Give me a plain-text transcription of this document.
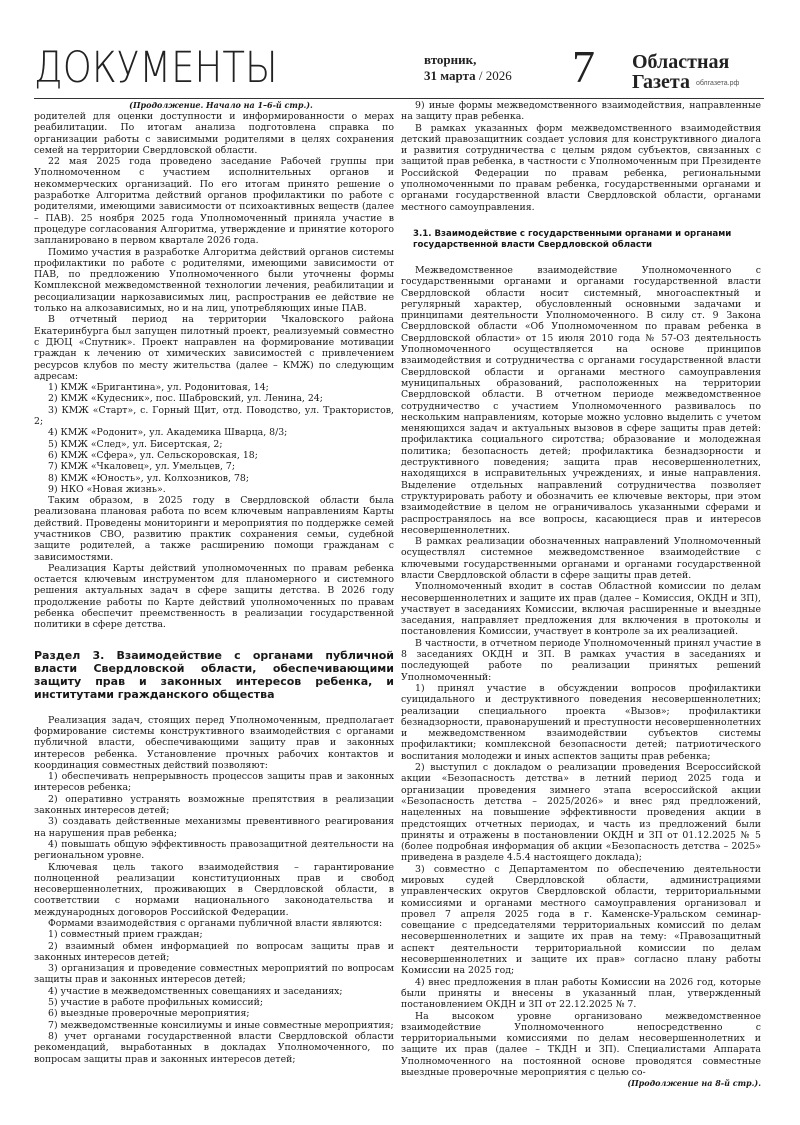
ДОКУМЕНТЫ	вторник,
31 марта / 2026 7 Областная
Газета облгазета.рф

(Продолжение. Начало на 1–6-й стр.).

родителей для оценки доступности и информированности о мерах реабилитации. По итогам анализа подготовлена справка по организации работы с зависимыми родителями в целях сохранения семей на территории Свердловской области.

22 мая 2025 года проведено заседание Рабочей группы при Уполномоченном с участием исполнительных органов и некоммерческих организаций. По его итогам принято решение о разработке Алгоритма действий органов профилактики по работе с родителями, имеющими зависимости от психоактивных веществ (далее – ПАВ). 25 ноября 2025 года Уполномоченный приняла участие в процедуре согласования Алгоритма, утверждение и принятие которого запланировано в первом квартале 2026 года.

Помимо участия в разработке Алгоритма действий органов системы профилактики по работе с родителями, имеющими зависимости от ПАВ, по предложению Уполномоченного были уточнены формы Комплексной межведомственной технологии лечения, реабилитации и ресоциализации наркозависимых лиц, распространив ее действие не только на алкозависимых, но и на лиц, употребляющих иные ПАВ.

В отчетный период на территории Чкаловского района Екатеринбурга был запущен пилотный проект, реализуемый совместно с ДЮЦ «Спутник». Проект направлен на формирование мотивации граждан к лечению от химических зависимостей с привлечением ресурсов клубов по месту жительства (далее – КМЖ) по следующим адресам:

1) КМЖ «Бригантина», ул. Родонитовая, 14;

2) КМЖ «Кудесник», пос. Шабровский, ул. Ленина, 24;

3) КМЖ «Старт», с. Горный Щит, отд. Поводство, ул. Трактористов, 2;

4) КМЖ «Родонит», ул. Академика Шварца, 8/3;

5) КМЖ «След», ул. Бисертская, 2;

6) КМЖ «Сфера», ул. Сельскоровская, 18;

7) КМЖ «Чкаловец», ул. Умельцев, 7;

8) КМЖ «Юность», ул. Колхозников, 78;

9) НКО «Новая жизнь».

Таким образом, в 2025 году в Свердловской области была реализована плановая работа по всем ключевым направлениям Карты действий. Проведены мониторинги и мероприятия по поддержке семей участников СВО, развитию практик сохранения семьи, судебной защите родителей, а также расширению помощи гражданам с зависимостями.

Реализация Карты действий уполномоченных по правам ребенка остается ключевым инструментом для планомерного и системного решения актуальных задач в сфере защиты детства. В 2026 году продолжение работы по Карте действий уполномоченных по правам ребенка обеспечит преемственность в реализации государственной политики в сфере детства.

Раздел 3. Взаимодействие с органами публичной власти Свердловской области, обеспечивающими защиту прав и законных интересов ребенка, и институтами гражданского общества

Реализация задач, стоящих перед Уполномоченным, предполагает формирование системы конструктивного взаимодействия с органами публичной власти, обеспечивающими защиту прав и законных интересов ребенка. Установление прочных рабочих контактов и координация совместных действий позволяют:

1) обеспечивать непрерывность процессов защиты прав и законных интересов ребенка;

2) оперативно устранять возможные препятствия в реализации законных интересов детей;

3) создавать действенные механизмы превентивного реагирования на нарушения прав ребенка;

4) повышать общую эффективность правозащитной деятельности на региональном уровне.

Ключевая цель такого взаимодействия – гарантирование полноценной реализации конституционных прав и свобод несовершеннолетних, проживающих в Свердловской области, в соответствии с нормами национального законодательства и международных договоров Российской Федерации.

Формами взаимодействия с органами публичной власти являются:

1) совместный прием граждан;

2) взаимный обмен информацией по вопросам защиты прав и законных интересов детей;

3) организация и проведение совместных мероприятий по вопросам защиты прав и законных интересов детей;

4) участие в межведомственных совещаниях и заседаниях;

5) участие в работе профильных комиссий;

6) выездные проверочные мероприятия;

7) межведомственные консилиумы и иные совместные мероприятия;

8) учет органами государственной власти Свердловской области рекомендаций, выработанных в докладах Уполномоченного, по вопросам защиты прав и законных интересов детей;

9) иные формы межведомственного взаимодействия, направленные на защиту прав ребенка.

В рамках указанных форм межведомственного взаимодействия детский правозащитник создает условия для конструктивного диалога и развития сотрудничества с целым рядом субъектов, связанных с защитой прав ребенка, в частности с Уполномоченным при Президенте Российской Федерации по правам ребенка, региональными уполномоченными по правам ребенка, государственными органами и органами государственной власти Свердловской области, органами местного самоуправления.

3.1. Взаимодействие с государственными органами и органами государственной власти Свердловской области

Межведомственное взаимодействие Уполномоченного с государственными органами и органами государственной власти Свердловской области носит системный, многоаспектный и регулярный характер, обусловленный основными задачами и принципами деятельности Уполномоченного. В силу ст. 9 Закона Свердловской области «Об Уполномоченном по правам ребенка в Свердловской области» от 15 июля 2010 года № 57-ОЗ деятельность Уполномоченного осуществляется на основе принципов взаимодействия и сотрудничества с органами государственной власти Свердловской области и органами местного самоуправления муниципальных образований, расположенных на территории Свердловской области. В отчетном периоде межведомственное сотрудничество с участием Уполномоченного развивалось по нескольким направлениям, которые можно условно выделить с учетом меняющихся задач и актуальных вызовов в сфере защиты прав детей: профилактика социального сиротства; образование и молодежная политика; безопасность детей; профилактика безнадзорности и деструктивного поведения; защита прав несовершеннолетних, находящихся в исправительных учреждениях, и иные направления. Выделение отдельных направлений сотрудничества позволяет структурировать работу и обозначить ее ключевые векторы, при этом взаимодействие в целом не ограничивалось указанными сферами и распространялось на все вопросы, касающиеся прав и интересов несовершеннолетних.

В рамках реализации обозначенных направлений Уполномоченный осуществлял системное межведомственное взаимодействие с ключевыми государственными органами и органами государственной власти Свердловской области в сфере защиты прав детей.

Уполномоченный входит в состав Областной комиссии по делам несовершеннолетних и защите их прав (далее – Комиссия, ОКДН и ЗП), участвует в заседаниях Комиссии, включая расширенные и выездные заседания, направляет предложения для включения в протоколы и постановления Комиссии, участвует в контроле за их реализацией.

В частности, в отчетном периоде Уполномоченный принял участие в 8 заседаниях ОКДН и ЗП. В рамках участия в заседаниях и последующей работе по реализации принятых решений Уполномоченный:

1) принял участие в обсуждении вопросов профилактики суицидального и деструктивного поведения несовершеннолетних; реализации специального проекта «Вызов»; профилактики безнадзорности, правонарушений и преступности несовершеннолетних и межведомственном взаимодействии субъектов системы профилактики; комплексной безопасности детей; патриотического воспитания молодежи и иных аспектов защиты прав ребенка;

2) выступил с докладом о реализации проведения Всероссийской акции «Безопасность детства» в летний период 2025 года и организации проведения зимнего этапа всероссийской акции «Безопасность детства – 2025/2026» и внес ряд предложений, нацеленных на повышение эффективности проведения акции в предстоящих отчетных периодах, и часть из предложений были приняты и отражены в постановлении ОКДН и ЗП от 01.12.2025 № 5 (более подробная информация об акции «Безопасность детства – 2025» приведена в разделе 4.5.4 настоящего доклада);

3) совместно с Департаментом по обеспечению деятельности мировых судей Свердловской области, администрациями управленческих округов Свердловской области, территориальными комиссиями и органами местного самоуправления организовал и провел 7 апреля 2025 года в г. Каменске-Уральском семинар-совещание с председателями территориальных комиссий по делам несовершеннолетних и защите их прав на тему: «Правозащитный аспект деятельности территориальной комиссии по делам несовершеннолетних и защите их прав» согласно плану работы Комиссии на 2025 год;

4) внес предложения в план работы Комиссии на 2026 год, которые были приняты и внесены в указанный план, утвержденный постановлением ОКДН и ЗП от 22.12.2025 № 7.

На высоком уровне организовано межведомственное взаимодействие Уполномоченного непосредственно с территориальными комиссиями по делам несовершеннолетних и защите их прав (далее – ТКДН и ЗП). Специалистами Аппарата Уполномоченного на постоянной основе проводятся совместные выездные проверочные мероприятия с целью со-

(Продолжение на 8-й стр.).
